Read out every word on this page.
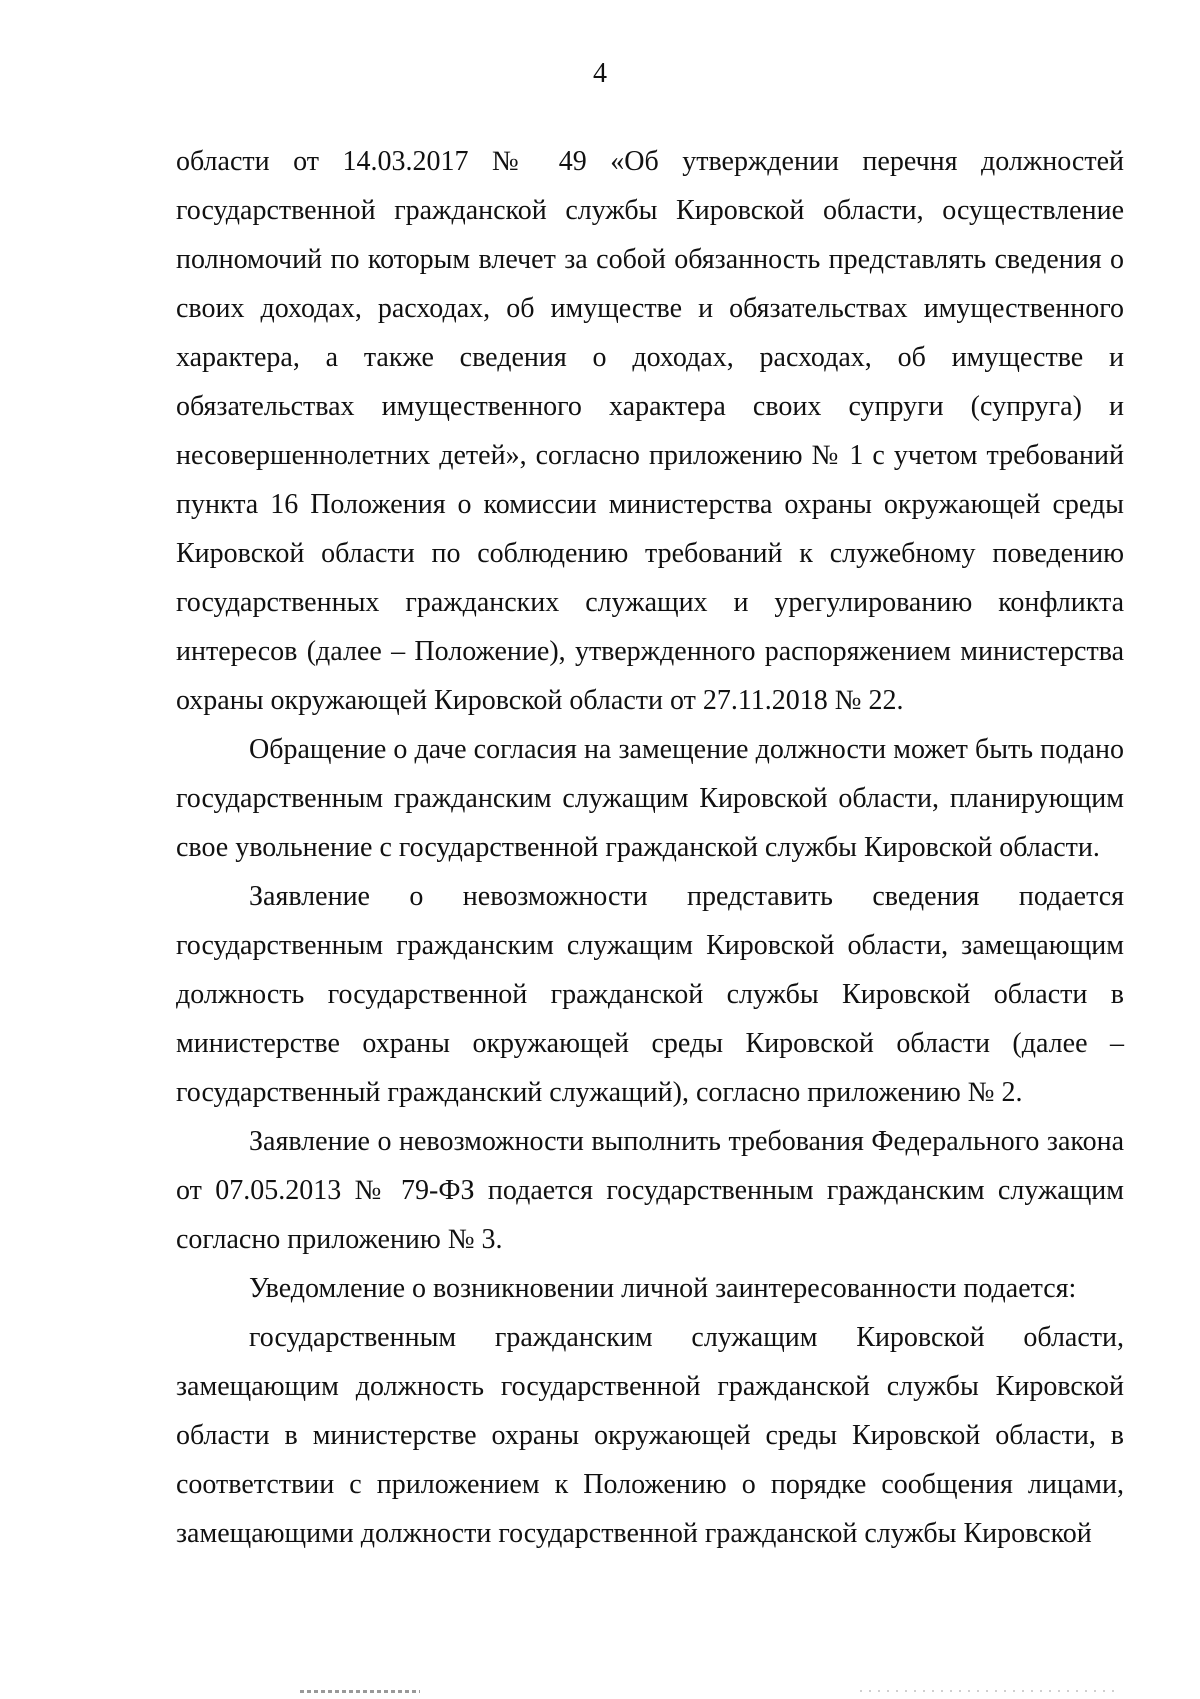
4

области от 14.03.2017 № 49 «Об утверждении перечня должностей государственной гражданской службы Кировской области, осуществление полномочий по которым влечет за собой обязанность представлять сведения о своих доходах, расходах, об имуществе и обязательствах имущественного характера, а также сведения о доходах, расходах, об имуществе и обязательствах имущественного характера своих супруги (супруга) и несовершеннолетних детей», согласно приложению № 1 с учетом требований пункта 16 Положения о комиссии министерства охраны окружающей среды Кировской области по соблюдению требований к служебному поведению государственных гражданских служащих и урегулированию конфликта интересов (далее – Положение), утвержденного распоряжением министерства охраны окружающей Кировской области от 27.11.2018 № 22.

Обращение о даче согласия на замещение должности может быть подано государственным гражданским служащим Кировской области, планирующим свое увольнение с государственной гражданской службы Кировской области.

Заявление о невозможности представить сведения подается государственным гражданским служащим Кировской области, замещающим должность государственной гражданской службы Кировской области в министерстве охраны окружающей среды Кировской области (далее – государственный гражданский служащий), согласно приложению № 2.

Заявление о невозможности выполнить требования Федерального закона от 07.05.2013 № 79-ФЗ подается государственным гражданским служащим согласно приложению № 3.

Уведомление о возникновении личной заинтересованности подается:

государственным гражданским служащим Кировской области, замещающим должность государственной гражданской службы Кировской области в министерстве охраны окружающей среды Кировской области, в соответствии с приложением к Положению о порядке сообщения лицами, замещающими должности государственной гражданской службы Кировской
